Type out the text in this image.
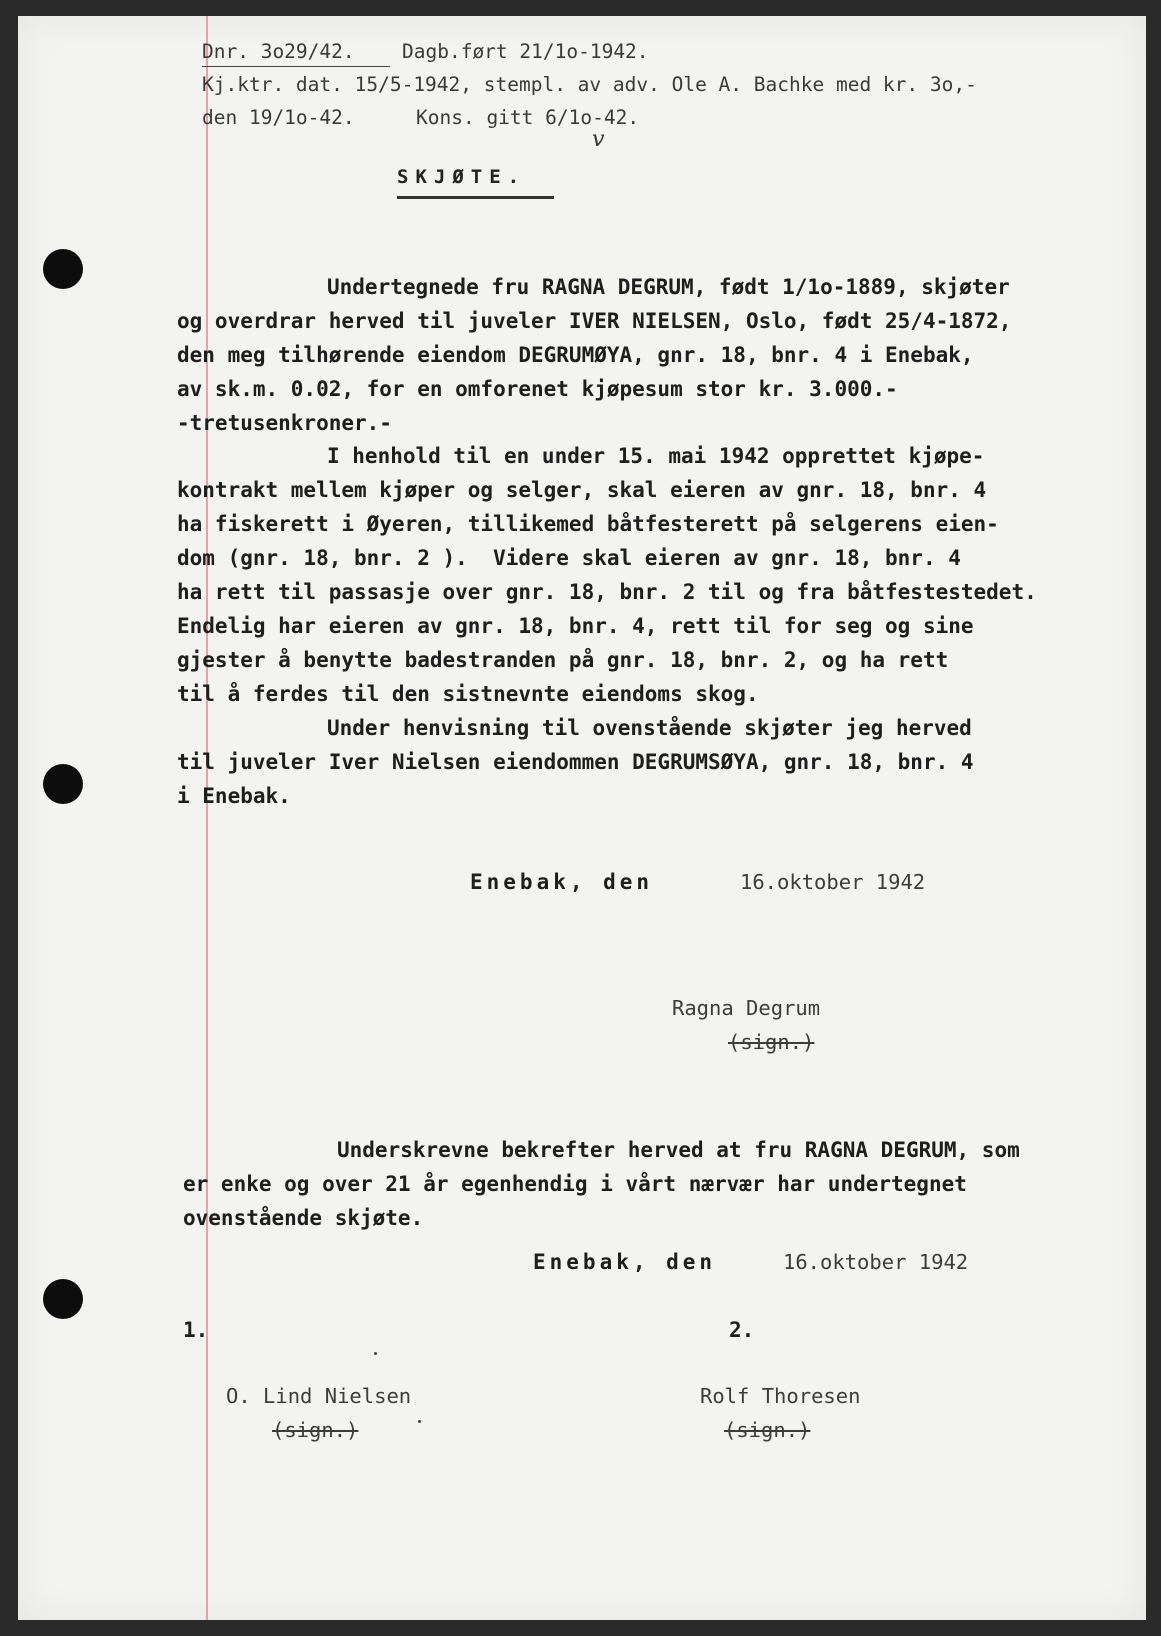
Dnr. 3o29/42. Dagb.ført 21/1o-1942.
Kj.ktr. dat. 15/5-1942, stempl. av adv. Ole A. Bachke med kr. 3o,-
den 19/1o-42.	Kons. gitt 6/1o-42.
v
SKJØTE.
Undertegnede fru RAGNA DEGRUM, født 1/1o-1889, skjøter
og overdrar herved til juveler IVER NIELSEN, Oslo, født 25/4-1872,
den meg tilhørende eiendom DEGRUMØYA, gnr. 18, bnr. 4 i Enebak,
av sk.m. 0.02, for en omforenet kjøpesum stor kr. 3.000.-
-tretusenkroner.-
I henhold til en under 15. mai 1942 opprettet kjøpe-
kontrakt mellem kjøper og selger, skal eieren av gnr. 18, bnr. 4
ha fiskerett i Øyeren, tillikemed båtfesterett på selgerens eien-
dom (gnr. 18, bnr. 2 ).  Videre skal eieren av gnr. 18, bnr. 4
ha rett til passasje over gnr. 18, bnr. 2 til og fra båtfestestedet.
Endelig har eieren av gnr. 18, bnr. 4, rett til for seg og sine
gjester å benytte badestranden på gnr. 18, bnr. 2, og ha rett
til å ferdes til den sistnevnte eiendoms skog.
Under henvisning til ovenstående skjøter jeg herved
til juveler Iver Nielsen eiendommen DEGRUMSØYA, gnr. 18, bnr. 4
i Enebak.
Enebak, den	16.oktober 1942
Ragna Degrum
(sign.)
Underskrevne bekrefter herved at fru RAGNA DEGRUM, som
er enke og over 21 år egenhendig i vårt nærvær har undertegnet
ovenstående skjøte.
Enebak, den	16.oktober 1942
1.	2.
O. Lind Nielsen
(sign.)
Rolf Thoresen
(sign.)
